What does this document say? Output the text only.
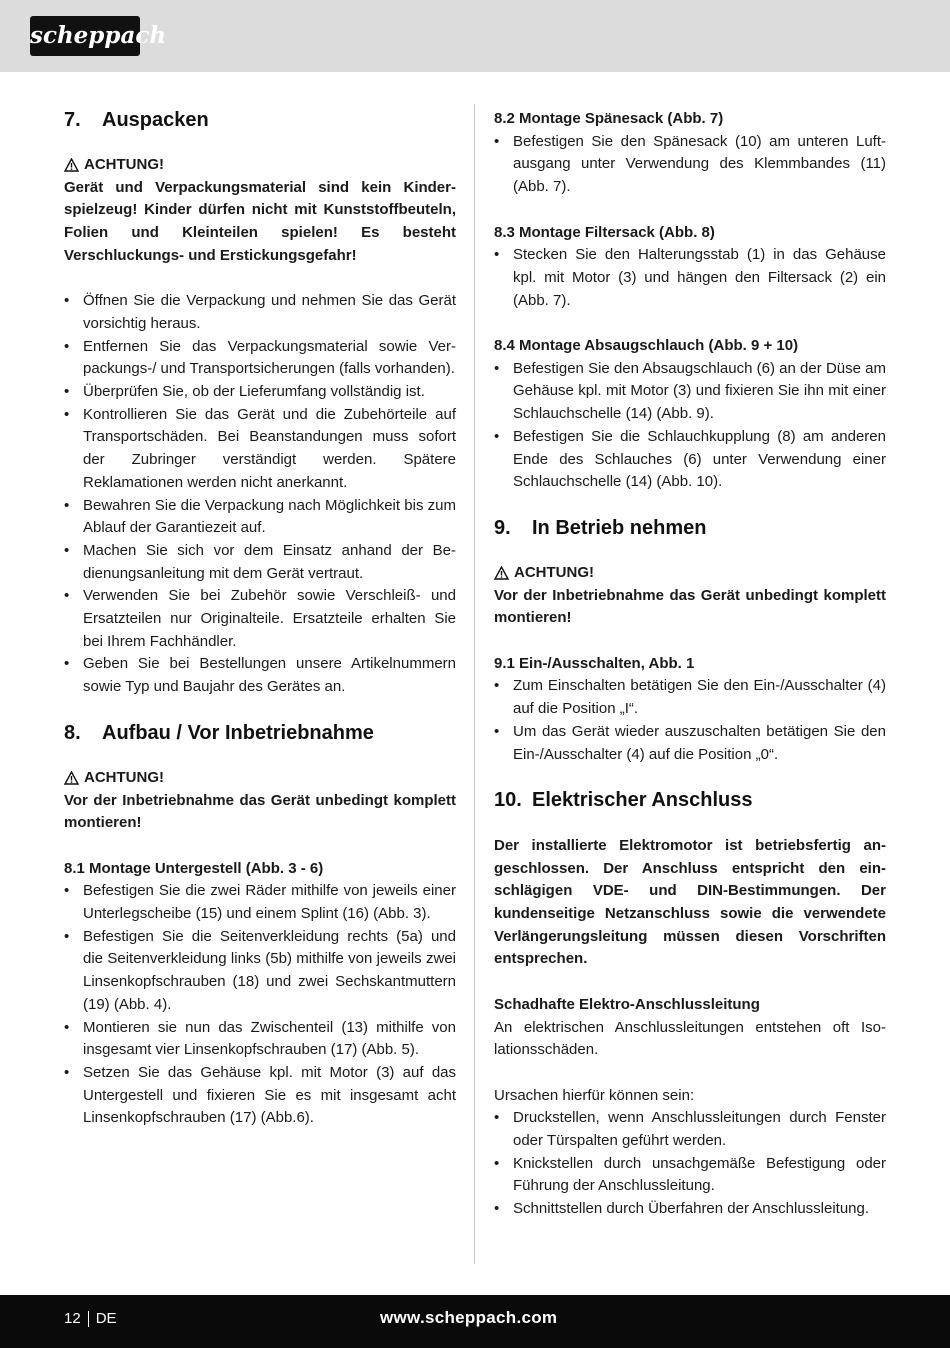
scheppach
7.	Auspacken
ACHTUNG!

Gerät und Verpackungsmaterial sind kein Kinderspielzeug! Kinder dürfen nicht mit Kunststoffbeuteln, Folien und Kleinteilen spielen! Es besteht Verschluckungs- und Erstickungsgefahr!

• Öffnen Sie die Verpackung und nehmen Sie das Gerät vorsichtig heraus.
• Entfernen Sie das Verpackungsmaterial sowie Verpackungs-/ und Transportsicherungen (falls vorhanden).
• Überprüfen Sie, ob der Lieferumfang vollständig ist.
• Kontrollieren Sie das Gerät und die Zubehörteile auf Transportschäden. Bei Beanstandungen muss sofort der Zubringer verständigt werden. Spätere Reklamationen werden nicht anerkannt.
• Bewahren Sie die Verpackung nach Möglichkeit bis zum Ablauf der Garantiezeit auf.
• Machen Sie sich vor dem Einsatz anhand der Bedienungsanleitung mit dem Gerät vertraut.
• Verwenden Sie bei Zubehör sowie Verschleiß- und Ersatzteilen nur Originalteile. Ersatzteile erhalten Sie bei Ihrem Fachhändler.
• Geben Sie bei Bestellungen unsere Artikelnummern sowie Typ und Baujahr des Gerätes an.
8.	Aufbau / Vor Inbetriebnahme
ACHTUNG!

Vor der Inbetriebnahme das Gerät unbedingt komplett montieren!

8.1 Montage Untergestell (Abb. 3 - 6)

• Befestigen Sie die zwei Räder mithilfe von jeweils einer Unterlegscheibe (15) und einem Splint (16) (Abb. 3).
• Befestigen Sie die Seitenverkleidung rechts (5a) und die Seitenverkleidung links (5b) mithilfe von jeweils zwei Linsenkopfschrauben (18) und zwei Sechskantmuttern (19) (Abb. 4).
• Montieren sie nun das Zwischenteil (13) mithilfe von insgesamt vier Linsenkopfschrauben (17) (Abb. 5).
• Setzen Sie das Gehäuse kpl. mit Motor (3) auf das Untergestell und fixieren Sie es mit insgesamt acht Linsenkopfschrauben (17) (Abb.6).

8.2 Montage Spänesack (Abb. 7)

• Befestigen Sie den Spänesack (10) am unteren Luftausgang unter Verwendung des Klemmbandes (11) (Abb. 7).

8.3 Montage Filtersack (Abb. 8)

• Stecken Sie den Halterungsstab (1) in das Gehäuse kpl. mit Motor (3) und hängen den Filtersack (2) ein (Abb. 7).

8.4 Montage Absaugschlauch (Abb. 9 + 10)

• Befestigen Sie den Absaugschlauch (6) an der Düse am Gehäuse kpl. mit Motor (3) und fixieren Sie ihn mit einer Schlauchschelle (14) (Abb. 9).
• Befestigen Sie die Schlauchkupplung (8) am anderen Ende des Schlauches (6) unter Verwendung einer Schlauchschelle (14) (Abb. 10).
9.	In Betrieb nehmen
ACHTUNG!

Vor der Inbetriebnahme das Gerät unbedingt komplett montieren!

9.1 Ein-/Ausschalten, Abb. 1

• Zum Einschalten betätigen Sie den Ein-/Ausschalter (4) auf die Position „I“.
• Um das Gerät wieder auszuschalten betätigen Sie den Ein-/Ausschalter (4) auf die Position „0“.
10. Elektrischer Anschluss

Der installierte Elektromotor ist betriebsfertig angeschlossen. Der Anschluss entspricht den einschlägigen VDE- und DIN-Bestimmungen. Der kundenseitige Netzanschluss sowie die verwendete Verlängerungsleitung müssen diesen Vorschriften entsprechen.

Schadhafte Elektro-Anschlussleitung

An elektrischen Anschlussleitungen entstehen oft Isolationsschäden.

Ursachen hierfür können sein:

• Druckstellen, wenn Anschlussleitungen durch Fenster oder Türspalten geführt werden.
• Knickstellen durch unsachgemäße Befestigung oder Führung der Anschlussleitung.
• Schnittstellen durch Überfahren der Anschlussleitung.
12 DE	www.scheppach.com
